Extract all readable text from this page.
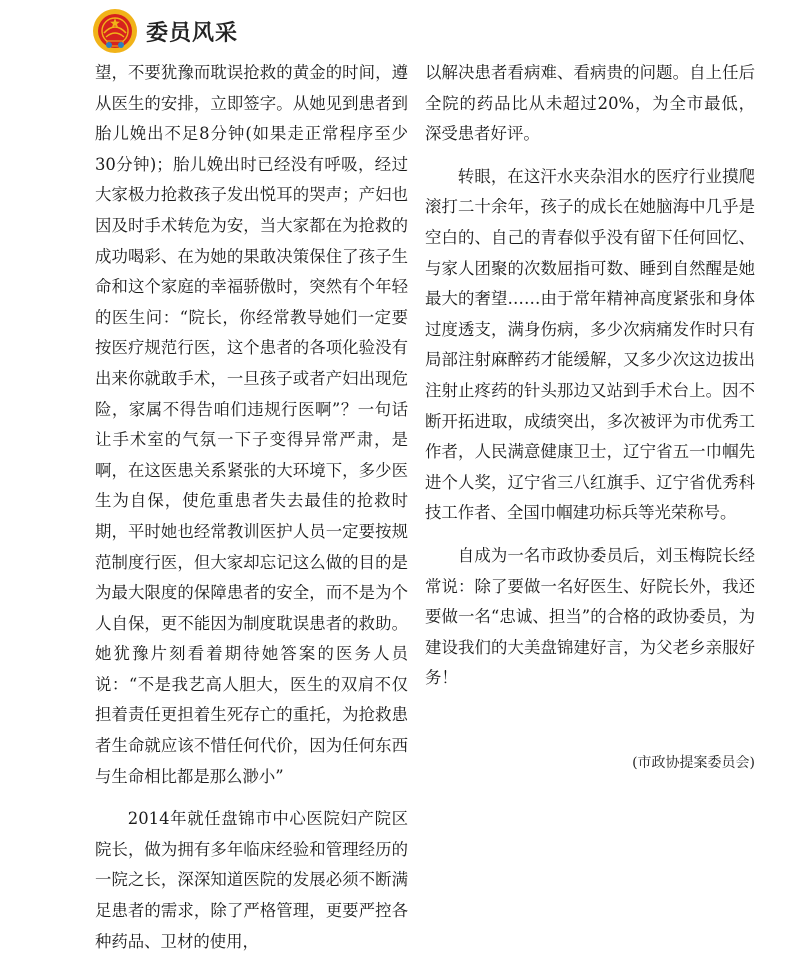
委员风采

望，不要犹豫而耽误抢救的黄金的时间，遵从医生的安排，立即签字。从她见到患者到胎儿娩出不足8分钟(如果走正常程序至少30分钟)；胎儿娩出时已经没有呼吸，经过大家极力抢救孩子发出悦耳的哭声；产妇也因及时手术转危为安，当大家都在为抢救的成功喝彩、在为她的果敢决策保住了孩子生命和这个家庭的幸福骄傲时，突然有个年轻的医生问：“院长，你经常教导她们一定要按医疗规范行医，这个患者的各项化验没有出来你就敢手术，一旦孩子或者产妇出现危险，家属不得告咱们违规行医啊”？一句话让手术室的气氛一下子变得异常严肃，是啊，在这医患关系紧张的大环境下，多少医生为自保，使危重患者失去最佳的抢救时期，平时她也经常教训医护人员一定要按规范制度行医，但大家却忘记这么做的目的是为最大限度的保障患者的安全，而不是为个人自保，更不能因为制度耽误患者的救助。她犹豫片刻看着期待她答案的医务人员说：“不是我艺高人胆大，医生的双肩不仅担着责任更担着生死存亡的重托，为抢救患者生命就应该不惜任何代价，因为任何东西与生命相比都是那么渺小”

2014年就任盘锦市中心医院妇产院区院长，做为拥有多年临床经验和管理经历的一院之长，深深知道医院的发展必须不断满足患者的需求，除了严格管理，更要严控各种药品、卫材的使用，

以解决患者看病难、看病贵的问题。自上任后全院的药品比从未超过20%，为全市最低，深受患者好评。

转眼，在这汗水夹杂泪水的医疗行业摸爬滚打二十余年，孩子的成长在她脑海中几乎是空白的、自己的青春似乎没有留下任何回忆、与家人团聚的次数屈指可数、睡到自然醒是她最大的奢望……由于常年精神高度紧张和身体过度透支，满身伤病，多少次病痛发作时只有局部注射麻醉药才能缓解，又多少次这边拔出注射止疼药的针头那边又站到手术台上。因不断开拓进取，成绩突出，多次被评为市优秀工作者，人民满意健康卫士，辽宁省五一巾帼先进个人奖，辽宁省三八红旗手、辽宁省优秀科技工作者、全国巾帼建功标兵等光荣称号。

自成为一名市政协委员后，刘玉梅院长经常说：除了要做一名好医生、好院长外，我还要做一名“忠诚、担当”的合格的政协委员，为建设我们的大美盘锦建好言，为父老乡亲服好务！

(市政协提案委员会)
